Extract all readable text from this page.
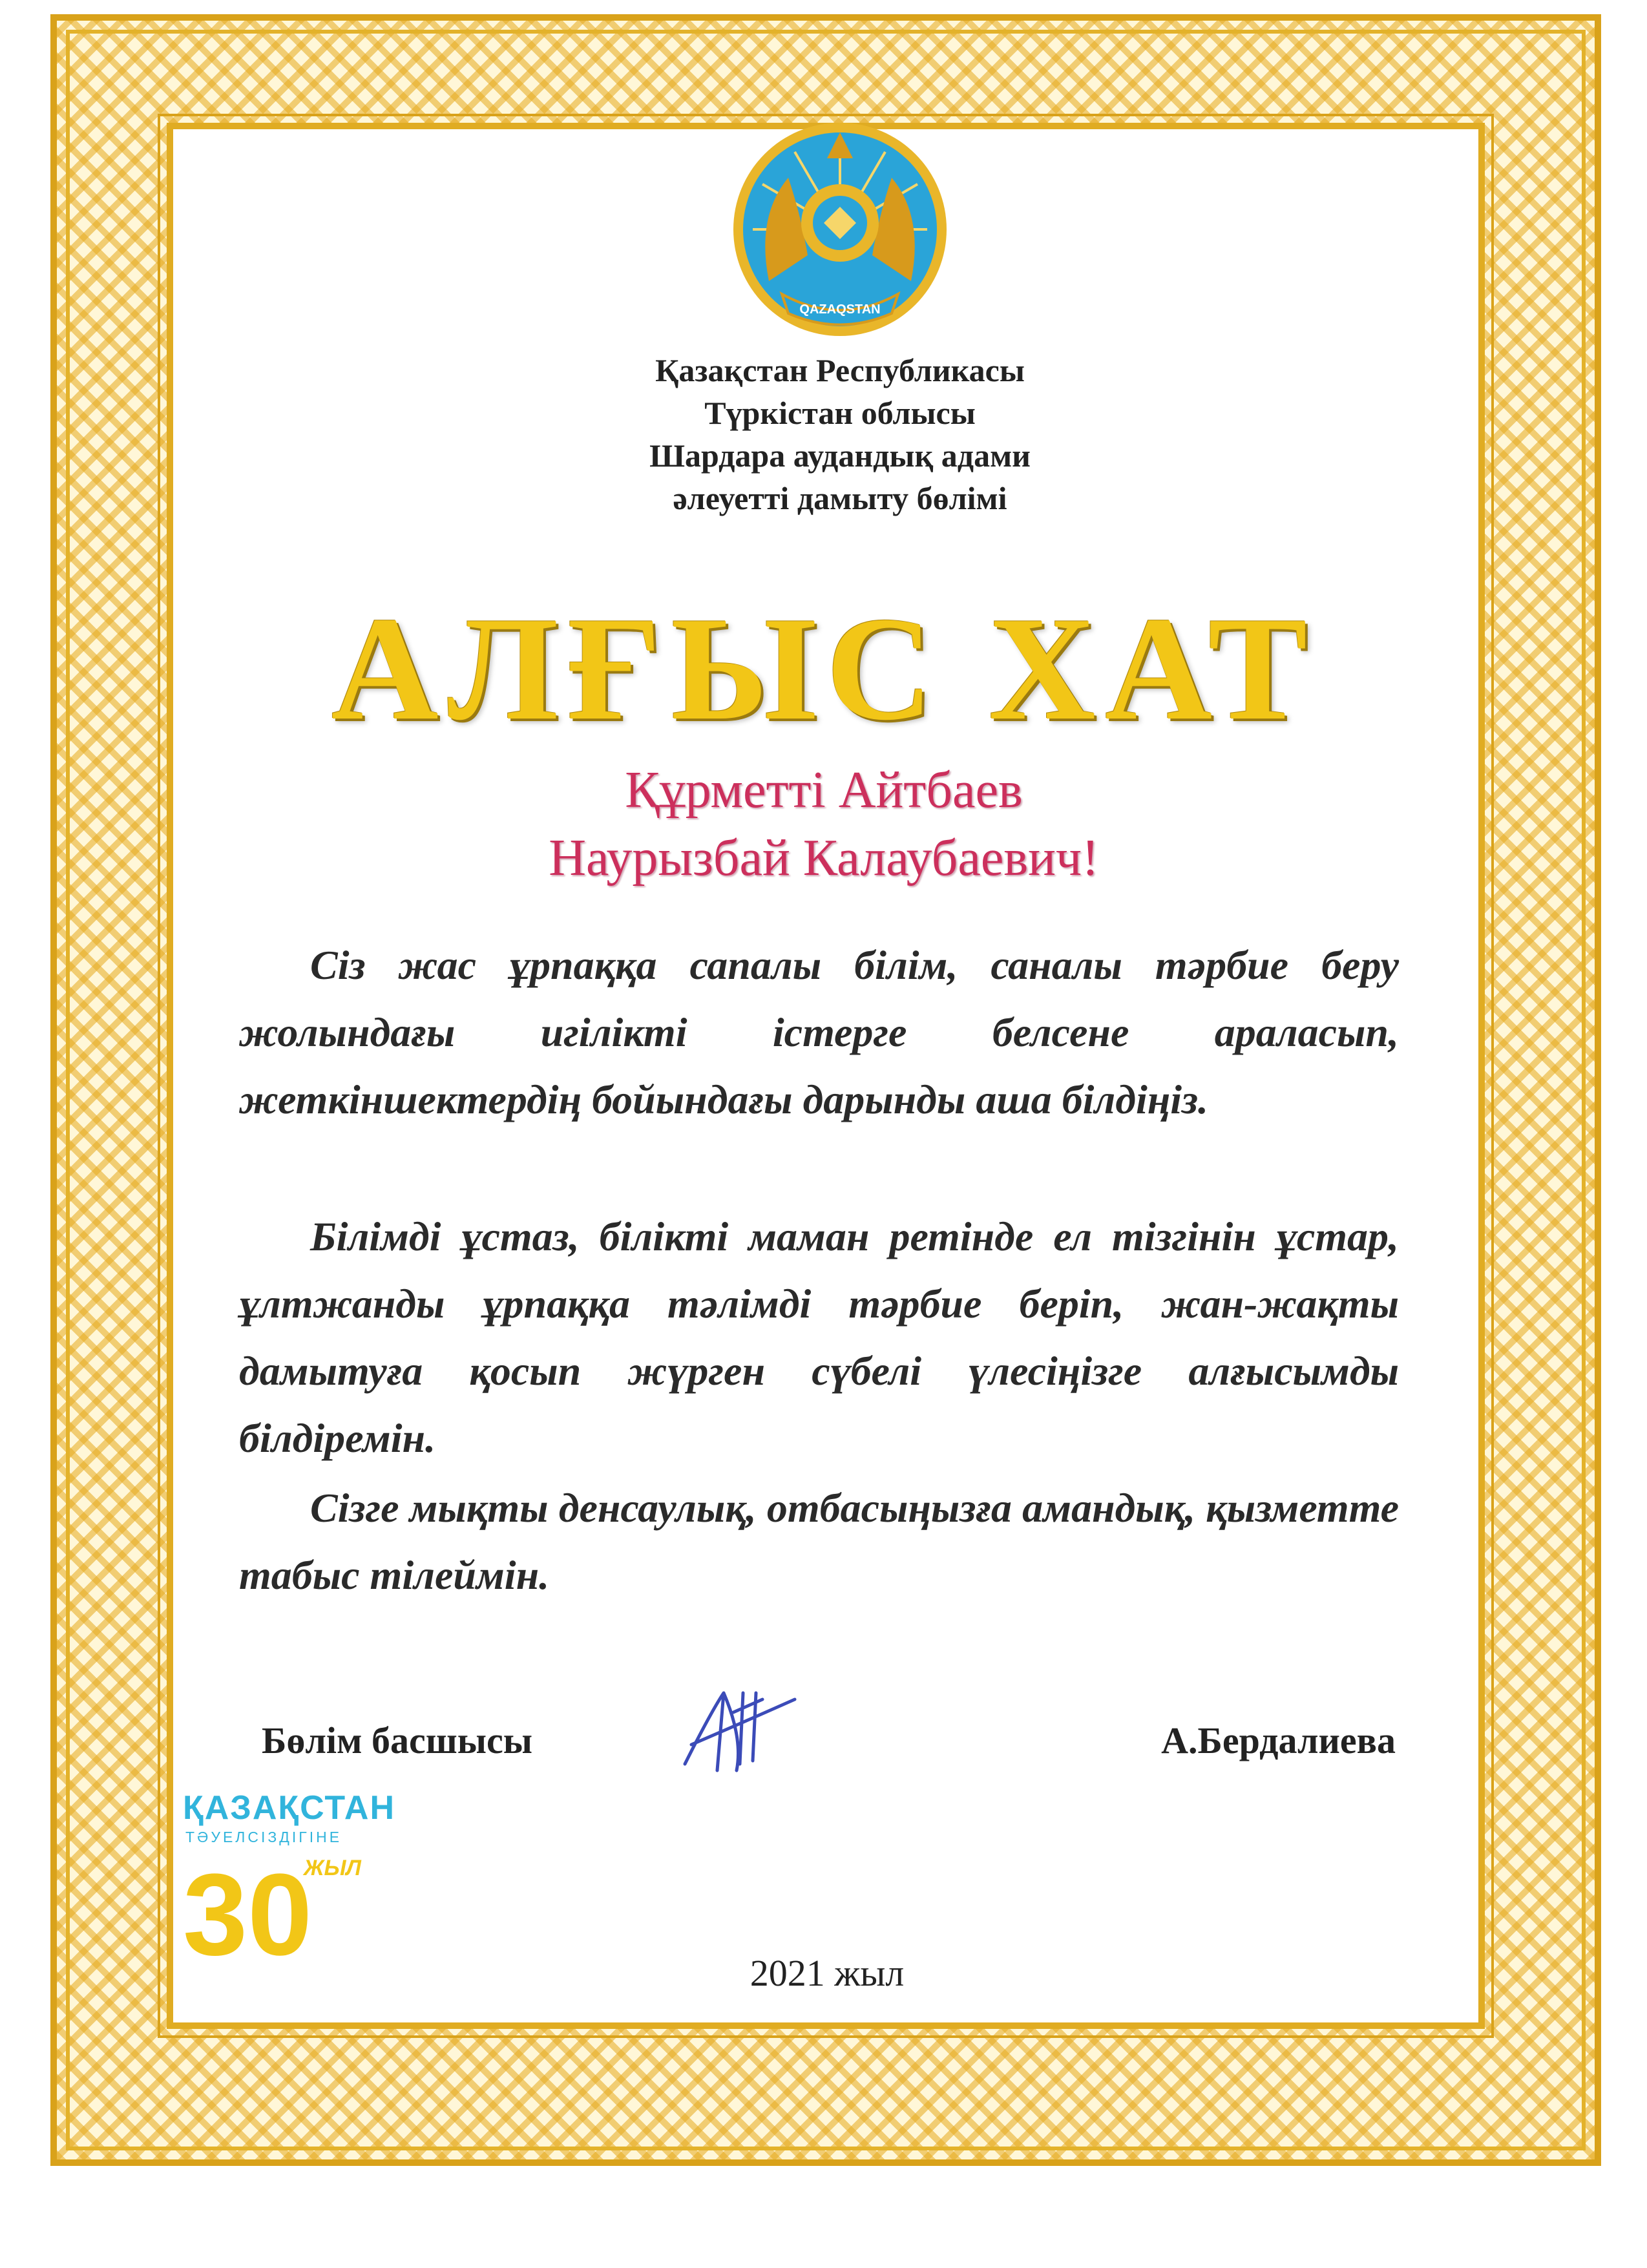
QAZAQSTAN
Қазақстан Республикасы
Түркістан облысы
Шардара аудандық адами
әлеуетті дамыту бөлімі
АЛҒЫС ХАТ
Құрметті Айтбаев
Наурызбай Калаубаевич!
Сіз жас ұрпаққа сапалы білім, саналы тәрбие беру жолындағы игілікті істерге белсене араласып, жеткіншектердің бойындағы дарынды аша білдіңіз.
Білімді ұстаз, білікті маман ретінде ел тізгінін ұстар, ұлтжанды ұрпаққа тәлімді тәрбие беріп, жан-жақты дамытуға қосып жүрген сүбелі үлесіңізге алғысымды білдіремін.
Сізге мықты денсаулық, отбасыңызға амандық, қызметте табыс тілеймін.
Бөлім басшысы	А.Бердалиева
ҚАЗАҚСТАН
ТӘУЕЛСІЗДІГІНЕ
30
ЖЫЛ
2021 жыл
